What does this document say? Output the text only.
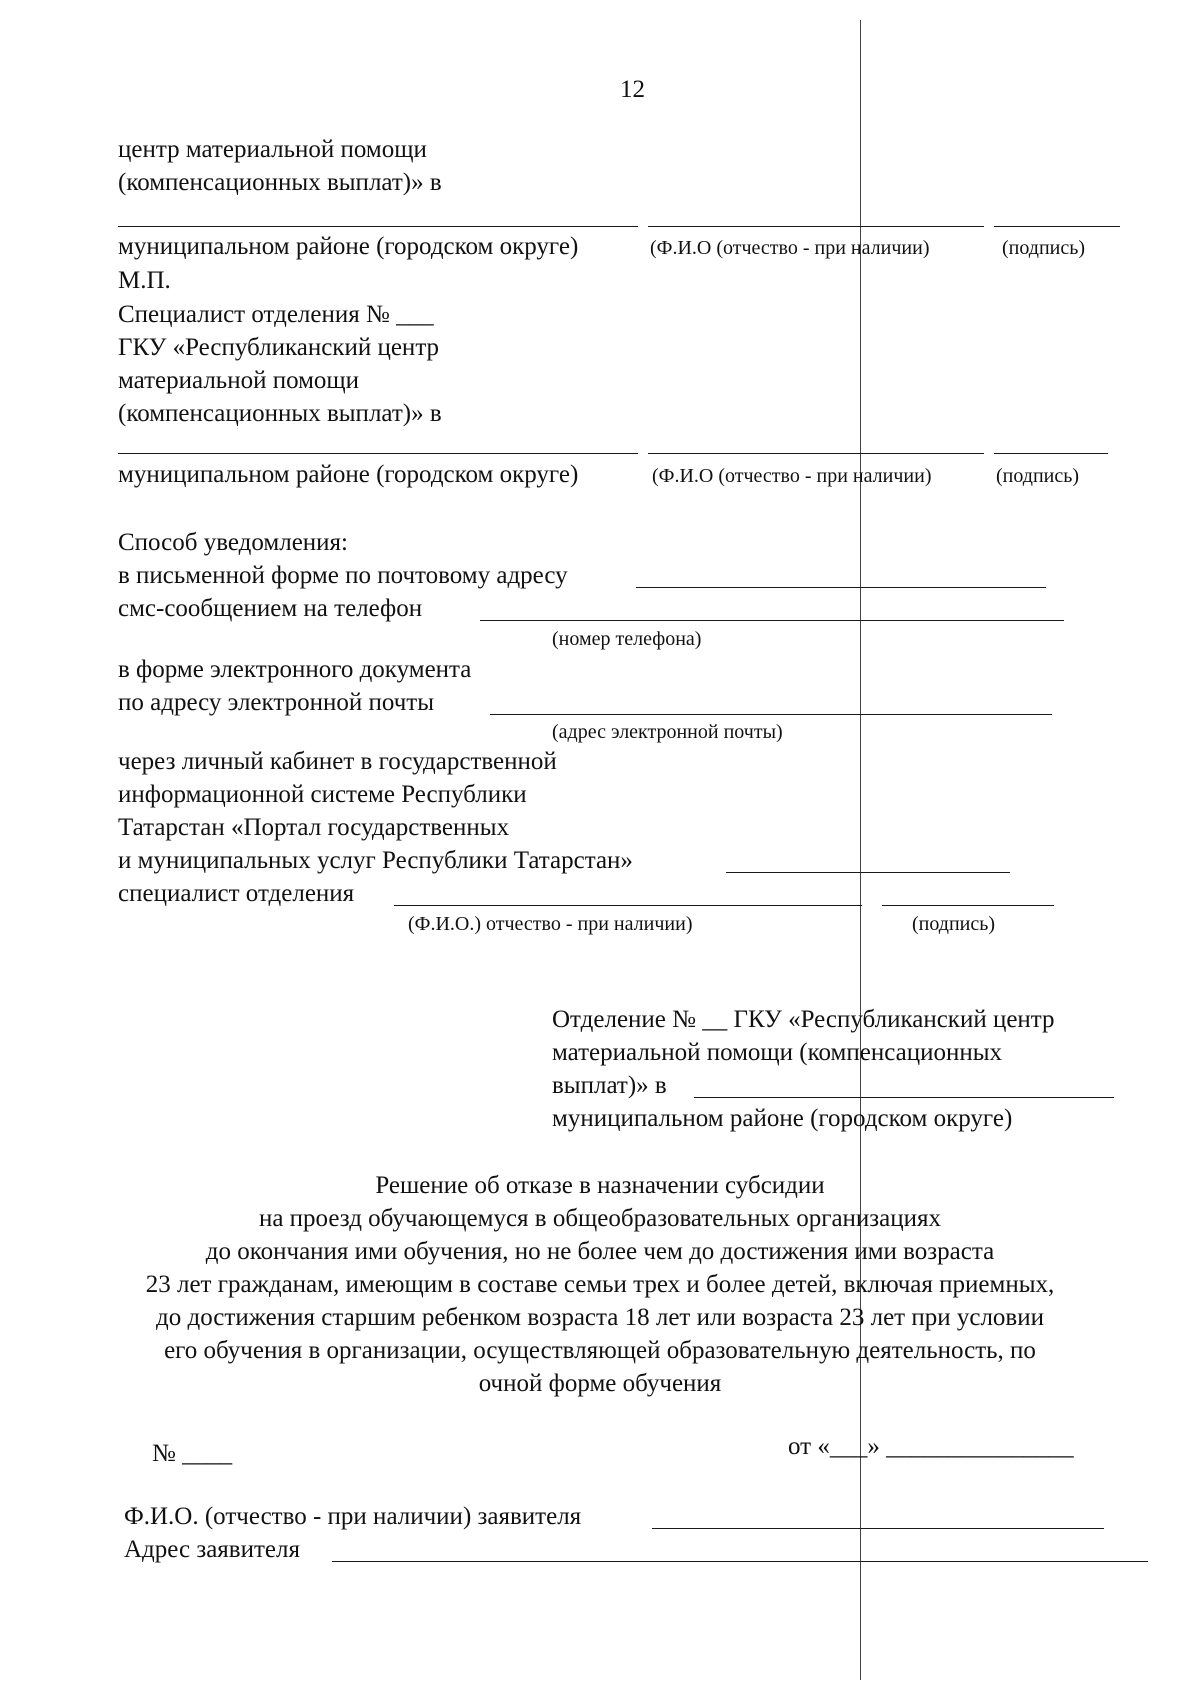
12
центр материальной помощи
(компенсационных выплат)» в
муниципальном районе (городском округе)	(Ф.И.О (отчество - при наличии)	(подпись)
М.П.
Специалист отделения № ___
ГКУ «Республиканский центр
материальной помощи
(компенсационных выплат)» в
муниципальном районе (городском округе)	(Ф.И.О (отчество - при наличии)	(подпись)
Способ уведомления:
в письменной форме по почтовому адресу
смс-сообщением на телефон
(номер телефона)
в форме электронного документа
по адресу электронной почты
(адрес электронной почты)
через личный кабинет в государственной
информационной системе Республики
Татарстан «Портал государственных
и муниципальных услуг Республики Татарстан»
специалист отделения
(Ф.И.О.) отчество - при наличии)	(подпись)
Отделение № __ ГКУ «Республиканский центр
материальной помощи (компенсационных
выплат)» в
муниципальном районе (городском округе)
Решение об отказе в назначении субсидии
на проезд обучающемуся в общеобразовательных организациях
до окончания ими обучения, но не более чем до достижения ими возраста
23 лет гражданам, имеющим в составе семьи трех и более детей, включая приемных,
до достижения старшим ребенком возраста 18 лет или возраста 23 лет при условии
его обучения в организации, осуществляющей образовательную деятельность, по
очной форме обучения
№ ____	от «___» _______________
Ф.И.О. (отчество - при наличии) заявителя
Адрес заявителя
